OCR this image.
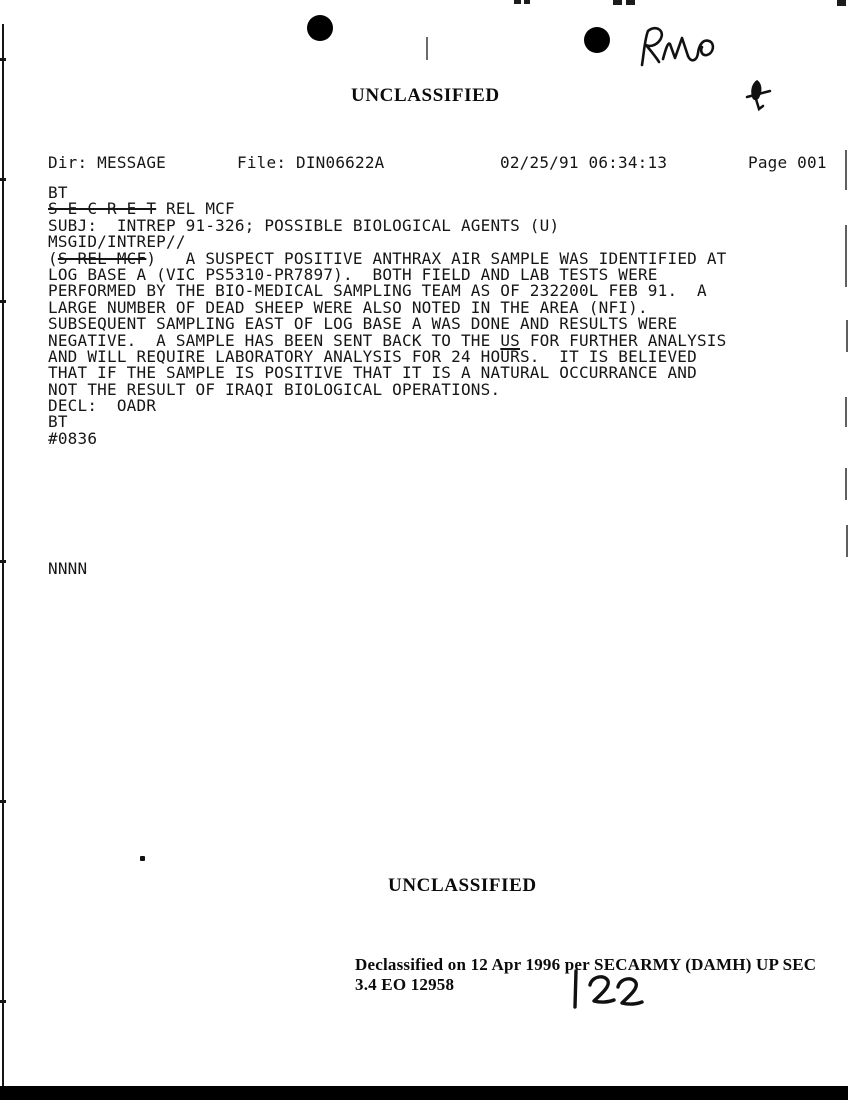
UNCLASSIFIED

Dir: MESSAGE

	File: DIN06622A

	02/25/91 06:34:13

	Page 001

BT
S E C R E T REL MCF
SUBJ:  INTREP 91-326; POSSIBLE BIOLOGICAL AGENTS (U)
MSGID/INTREP//
(S REL MCF)   A SUSPECT POSITIVE ANTHRAX AIR SAMPLE WAS IDENTIFIED AT
LOG BASE A (VIC PS5310-PR7897).  BOTH FIELD AND LAB TESTS WERE
PERFORMED BY THE BIO-MEDICAL SAMPLING TEAM AS OF 232200L FEB 91.  A
LARGE NUMBER OF DEAD SHEEP WERE ALSO NOTED IN THE AREA (NFI).
SUBSEQUENT SAMPLING EAST OF LOG BASE A WAS DONE AND RESULTS WERE
NEGATIVE.  A SAMPLE HAS BEEN SENT BACK TO THE US FOR FURTHER ANALYSIS
AND WILL REQUIRE LABORATORY ANALYSIS FOR 24 HOURS.  IT IS BELIEVED
THAT IF THE SAMPLE IS POSITIVE THAT IT IS A NATURAL OCCURRANCE AND
NOT THE RESULT OF IRAQI BIOLOGICAL OPERATIONS.
DECL:  OADR
BT
#0836
NNNN
UNCLASSIFIED
Declassified on 12 Apr 1996 per SECARMY (DAMH) UP SEC
3.4 EO 12958
